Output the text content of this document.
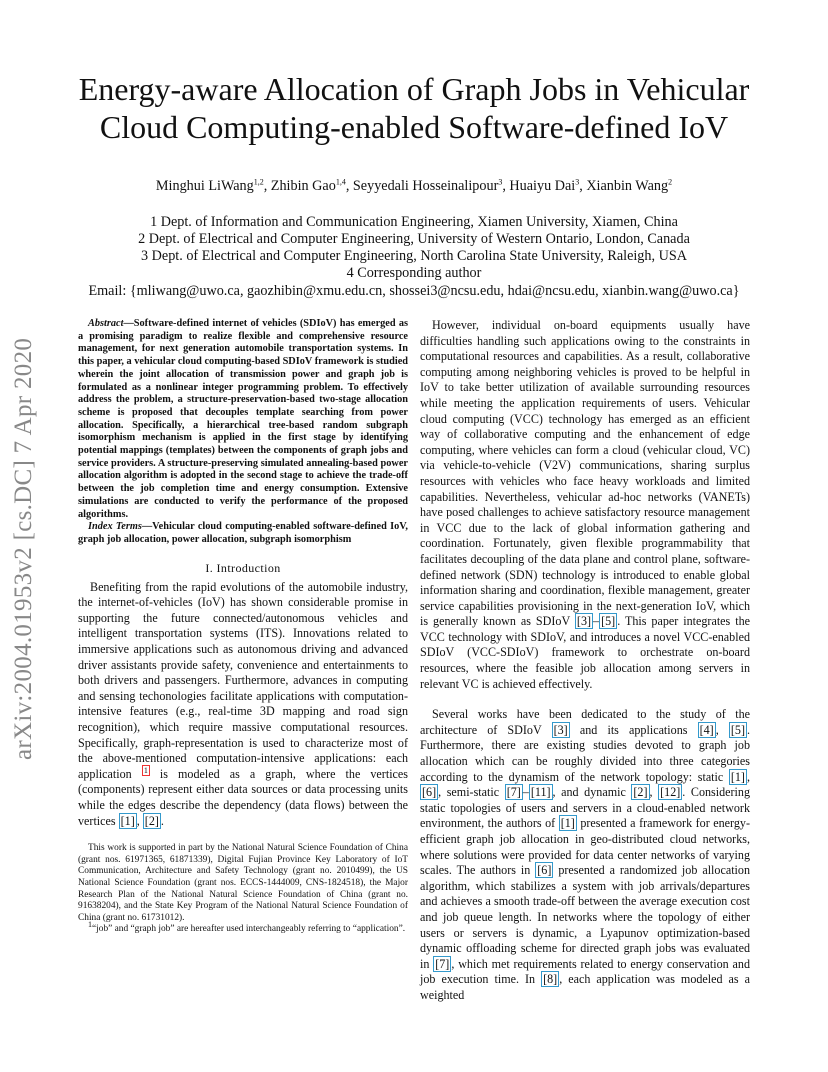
arXiv:2004.01953v2 [cs.DC] 7 Apr 2020
Energy-aware Allocation of Graph Jobs in Vehicular
Cloud Computing-enabled Software-defined IoV
Minghui LiWang$^{1,2}$, Zhibin Gao$^{1,4}$, Seyyedali Hosseinalipour$^3$, Huaiyu Dai$^3$, Xianbin Wang$^2$
1 Dept. of Information and Communication Engineering, Xiamen University, Xiamen, China
2 Dept. of Electrical and Computer Engineering, University of Western Ontario, London, Canada
3 Dept. of Electrical and Computer Engineering, North Carolina State University, Raleigh, USA
4 Corresponding author
Email: {mliwang@uwo.ca, gaozhibin@xmu.edu.cn, shossei3@ncsu.edu, hdai@ncsu.edu, xianbin.wang@uwo.ca}

Abstract—Software-defined internet of vehicles (SDIoV) has emerged as a promising paradigm to realize flexible and comprehensive resource management, for next generation automobile transportation systems. In this paper, a vehicular cloud computing-based SDIoV framework is studied wherein the joint allocation of transmission power and graph job is formulated as a nonlinear integer programming problem. To effectively address the problem, a structure-preservation-based two-stage allocation scheme is proposed that decouples template searching from power allocation. Specifically, a hierarchical tree-based random subgraph isomorphism mechanism is applied in the first stage by identifying potential mappings (templates) between the components of graph jobs and service providers. A structure-preserving simulated annealing-based power allocation algorithm is adopted in the second stage to achieve the trade-off between the job completion time and energy consumption. Extensive simulations are conducted to verify the performance of the proposed algorithms.

Index Terms—Vehicular cloud computing-enabled software-defined IoV, graph job allocation, power allocation, subgraph isomorphism

I. Introduction

Benefiting from the rapid evolutions of the automobile industry, the internet-of-vehicles (IoV) has shown considerable promise in supporting the future connected/autonomous vehicles and intelligent transportation systems (ITS). Innovations related to immersive applications such as autonomous driving and advanced driver assistants provide safety, convenience and entertainments to both drivers and passengers. Furthermore, advances in computing and sensing techonologies facilitate applications with computation-intensive features (e.g., real-time 3D mapping and road sign recognition), which require massive computational resources. Specifically, graph-representation is used to characterize most of the above-mentioned computation-intensive applications: each application $^1$ is modeled as a graph, where the vertices (components) represent either data sources or data processing units while the edges describe the dependency (data flows) between the vertices [1] , [2] .

This work is supported in part by the National Natural Science Foundation of China (grant nos. 61971365, 61871339), Digital Fujian Province Key Laboratory of IoT Communication, Architecture and Safety Technology (grant no. 2010499), the US National Science Foundation (grant nos. ECCS-1444009, CNS-1824518), the Major Research Plan of the National Natural Science Foundation of China (grant no. 91638204), and the State Key Program of the National Natural Science Foundation of China (grant no. 61731012).

$^1$“job” and “graph job” are hereafter used interchangeably referring to “application”.

However, individual on-board equipments usually have difficulties handling such applications owing to the constraints in computational resources and capabilities. As a result, collaborative computing among neighboring vehicles is proved to be helpful in IoV to take better utilization of available surrounding resources while meeting the application requirements of users. Vehicular cloud computing (VCC) technology has emerged as an efficient way of collaborative computing and the enhancement of edge computing, where vehicles can form a cloud (vehicular cloud, VC) via vehicle-to-vehicle (V2V) communications, sharing surplus resources with vehicles who face heavy workloads and limited capabilities. Nevertheless, vehicular ad-hoc networks (VANETs) have posed challenges to achieve satisfactory resource management in VCC due to the lack of global information gathering and coordination. Fortunately, given flexible programmability that facilitates decoupling of the data plane and control plane, software-defined network (SDN) technology is introduced to enable global information sharing and coordination, flexible management, greater service capabilities provisioning in the next-generation IoV, which is generally known as SDIoV [3] – [5] . This paper integrates the VCC technology with SDIoV, and introduces a novel VCC-enabled SDIoV (VCC-SDIoV) framework to orchestrate on-board resources, where the feasible job allocation among servers in relevant VC is achieved effectively.

Several works have been dedicated to the study of the architecture of SDIoV [3] and its applications [4] , [5] . Furthermore, there are existing studies devoted to graph job allocation which can be roughly divided into three categories according to the dynamism of the network topology: static [1] , [6] , semi-static [7] – [11] , and dynamic [2] , [12] . Considering static topologies of users and servers in a cloud-enabled network environment, the authors of [1] presented a framework for energy-efficient graph job allocation in geo-distributed cloud networks, where solutions were provided for data center networks of varying scales. The authors in [6] presented a randomized job allocation algorithm, which stabilizes a system with job arrivals/departures and achieves a smooth trade-off between the average execution cost and job queue length. In networks where the topology of either users or servers is dynamic, a Lyapunov optimization-based dynamic offloading scheme for directed graph jobs was evaluated in [7] , which met requirements related to energy conservation and job execution time. In [8] , each application was modeled as a weighted
